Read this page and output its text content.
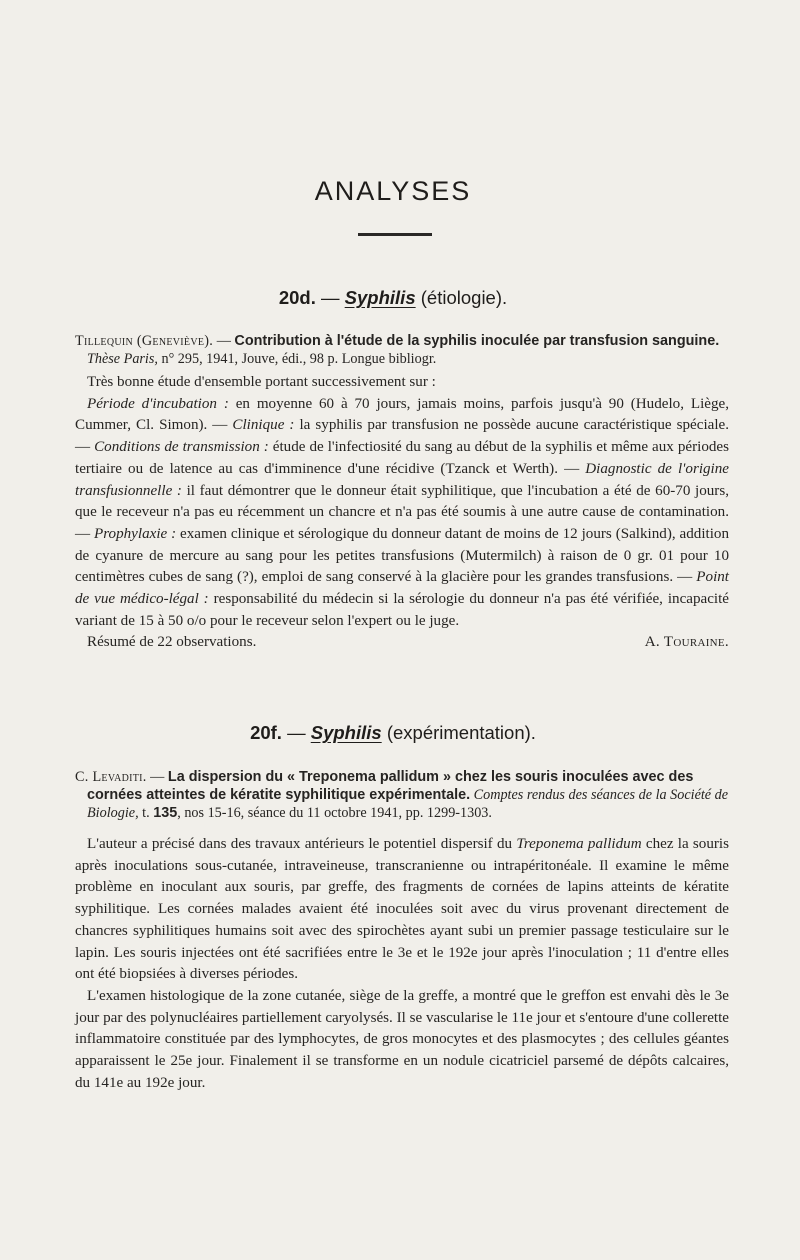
ANALYSES
20d. — Syphilis (étiologie).
Tillequin (Geneviève). — Contribution à l'étude de la syphilis inoculée par transfusion sanguine. Thèse Paris, n° 295, 1941, Jouve, édi., 98 p. Longue bibliogr.

Très bonne étude d'ensemble portant successivement sur :

Période d'incubation : en moyenne 60 à 70 jours, jamais moins, parfois jusqu'à 90 (Hudelo, Liège, Cummer, Cl. Simon). — Clinique : la syphilis par transfusion ne possède aucune caractéristique spéciale. — Conditions de transmission : étude de l'infectiosité du sang au début de la syphilis et même aux périodes tertiaire ou de latence au cas d'imminence d'une récidive (Tzanck et Werth). — Diagnostic de l'origine transfusionnelle : il faut démontrer que le donneur était syphilitique, que l'incubation a été de 60-70 jours, que le receveur n'a pas eu récemment un chancre et n'a pas été soumis à une autre cause de contamination. — Prophylaxie : examen clinique et sérologique du donneur datant de moins de 12 jours (Salkind), addition de cyanure de mercure au sang pour les petites transfusions (Mutermilch) à raison de 0 gr. 01 pour 10 centimètres cubes de sang (?), emploi de sang conservé à la glacière pour les grandes transfusions. — Point de vue médico-légal : responsabilité du médecin si la sérologie du donneur n'a pas été vérifiée, incapacité variant de 15 à 50 o/o pour le receveur selon l'expert ou le juge.

Résumé de 22 observations.	A. Touraine.
20f. — Syphilis (expérimentation).
C. Levaditi. — La dispersion du « Treponema pallidum » chez les souris inoculées avec des cornées atteintes de kératite syphilitique expérimentale. Comptes rendus des séances de la Société de Biologie, t. 135, nos 15-16, séance du 11 octobre 1941, pp. 1299-1303.

L'auteur a précisé dans des travaux antérieurs le potentiel dispersif du Treponema pallidum chez la souris après inoculations sous-cutanée, intraveineuse, transcranienne ou intrapéritonéale. Il examine le même problème en inoculant aux souris, par greffe, des fragments de cornées de lapins atteints de kératite syphilitique. Les cornées malades avaient été inoculées soit avec du virus provenant directement de chancres syphilitiques humains soit avec des spirochètes ayant subi un premier passage testiculaire sur le lapin. Les souris injectées ont été sacrifiées entre le 3e et le 192e jour après l'inoculation ; 11 d'entre elles ont été biopsiées à diverses périodes.

L'examen histologique de la zone cutanée, siège de la greffe, a montré que le greffon est envahi dès le 3e jour par des polynucléaires partiellement caryolysés. Il se vascularise le 11e jour et s'entoure d'une collerette inflammatoire constituée par des lymphocytes, de gros monocytes et des plasmocytes ; des cellules géantes apparaissent le 25e jour. Finalement il se transforme en un nodule cicatriciel parsemé de dépôts calcaires, du 141e au 192e jour.
